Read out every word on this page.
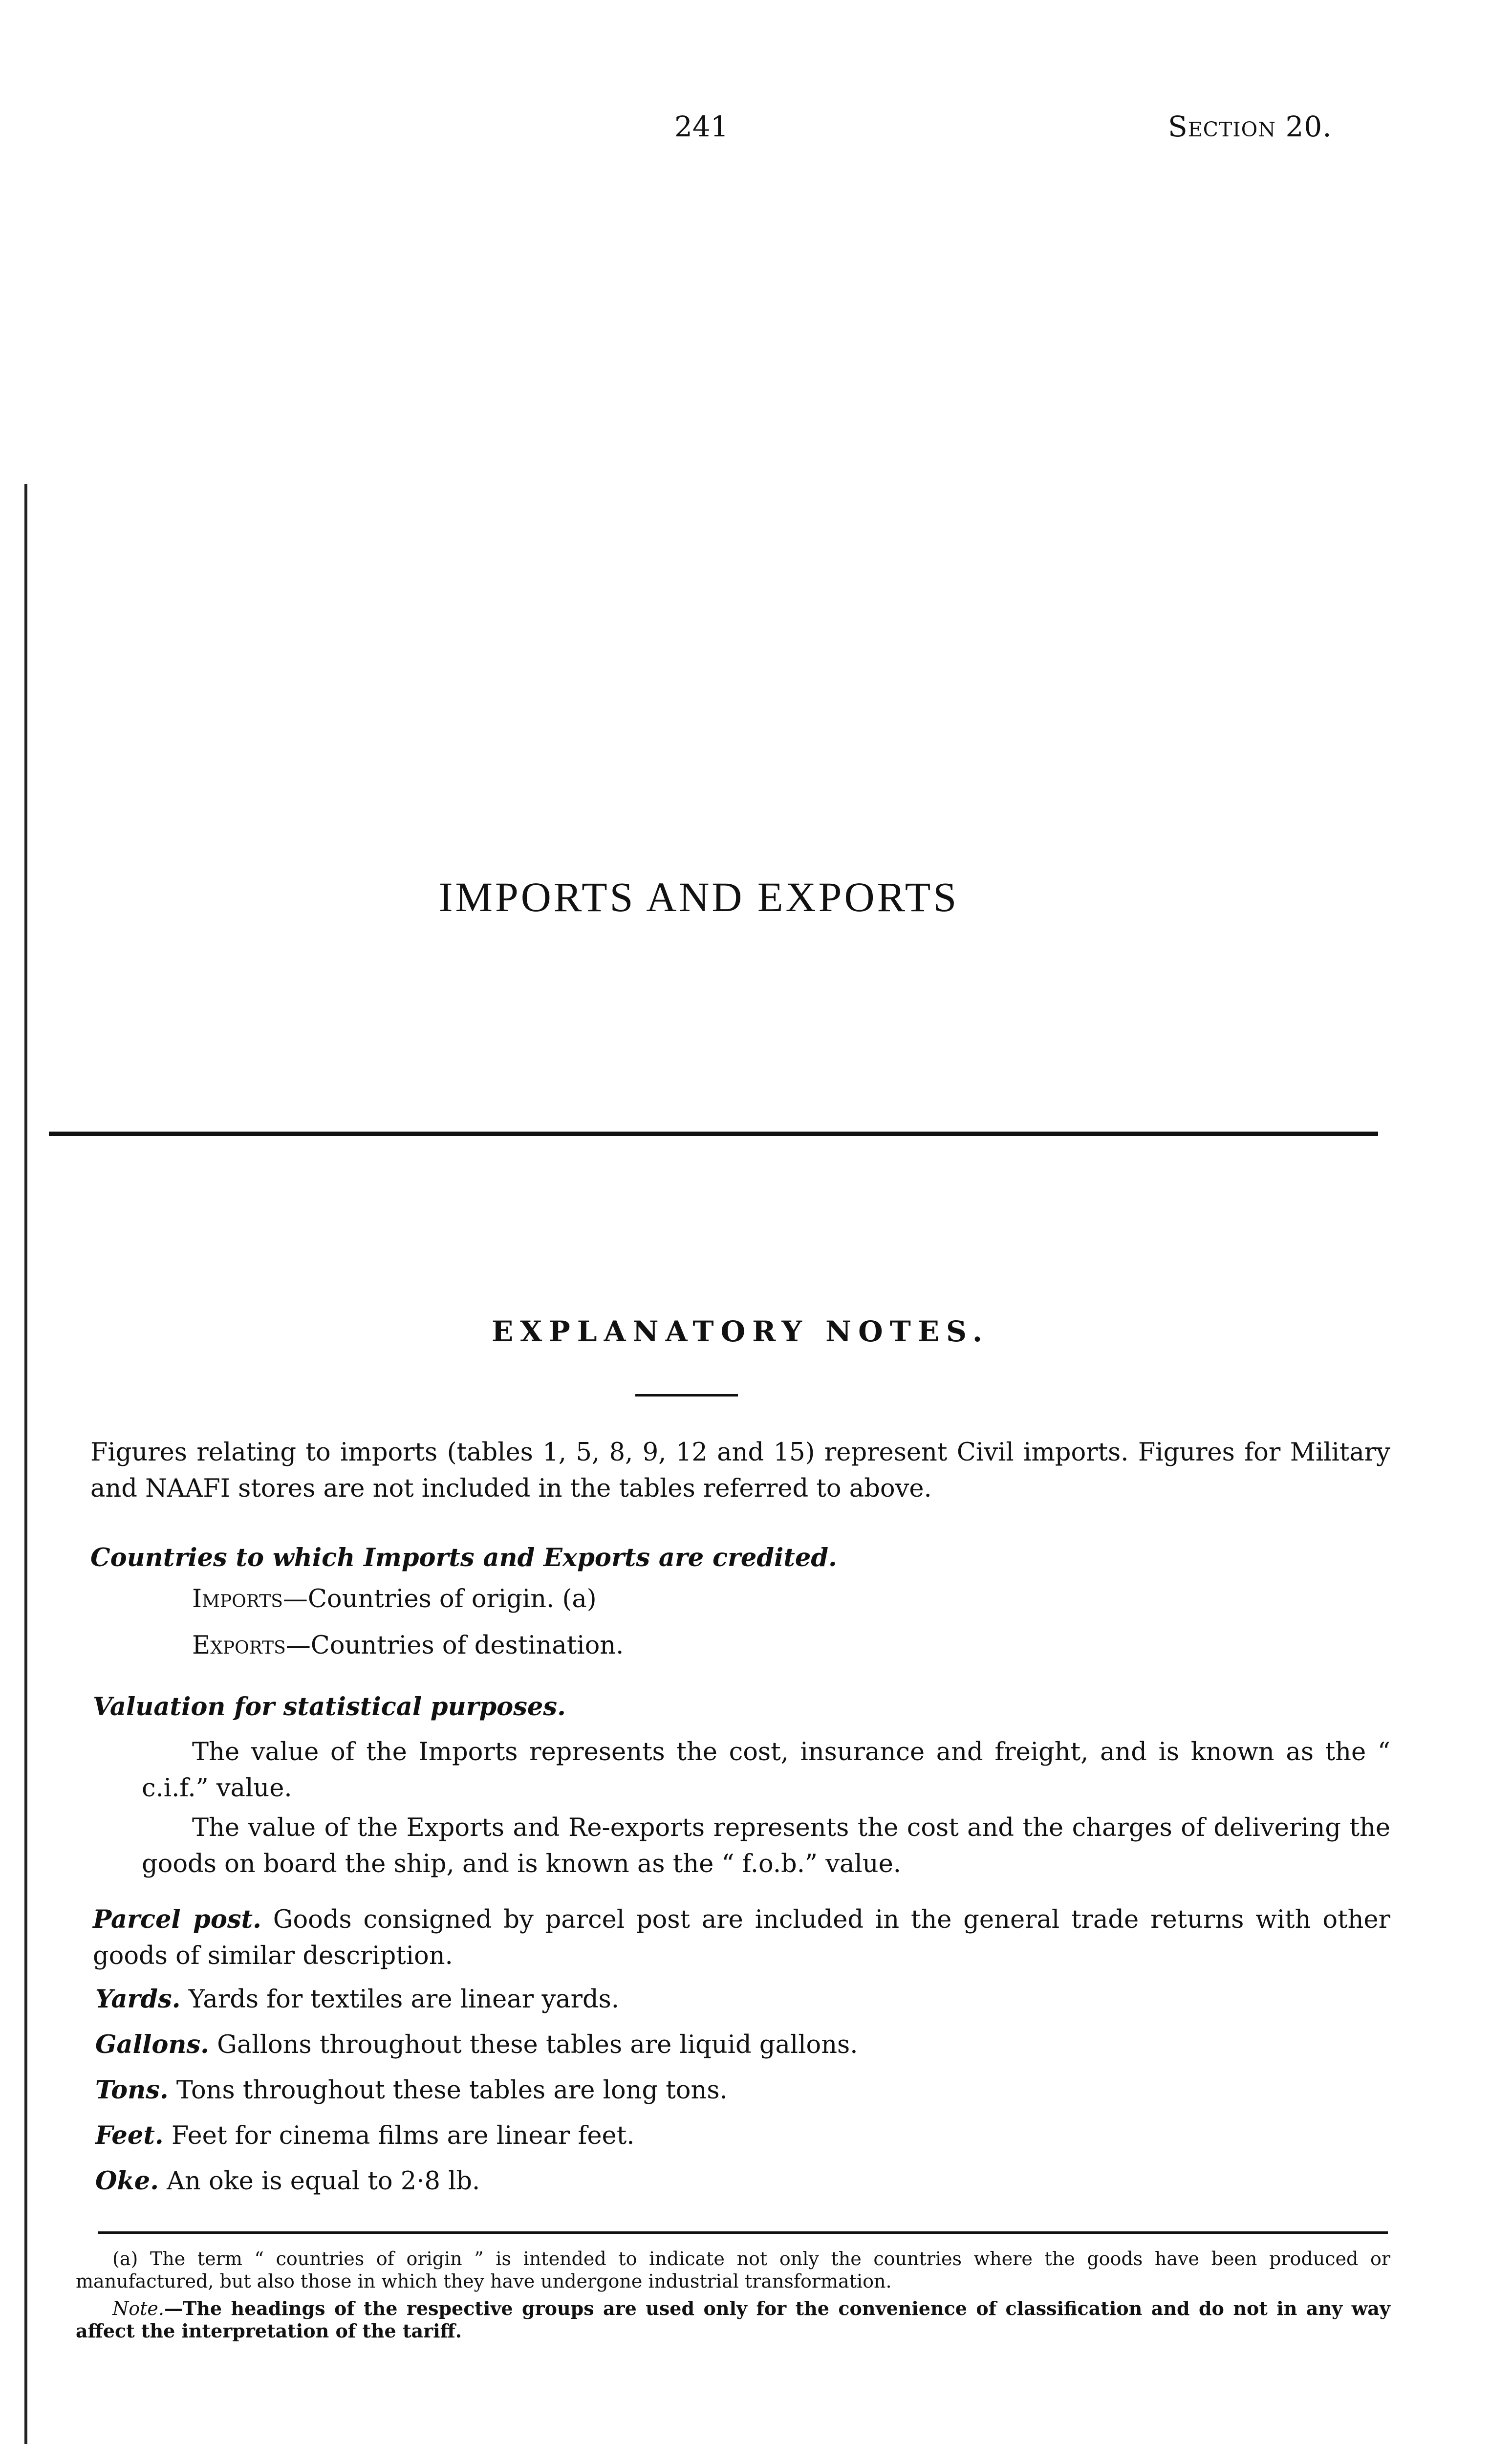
241	Section 20.
IMPORTS AND EXPORTS
EXPLANATORY NOTES.
Figures relating to imports (tables 1, 5, 8, 9, 12 and 15) represent Civil imports. Figures for Military and NAAFI stores are not included in the tables referred to above.
Countries to which Imports and Exports are credited.
Imports—Countries of origin. (a)
Exports—Countries of destination.
Valuation for statistical purposes.
The value of the Imports represents the cost, insurance and freight, and is known as the “ c.i.f.” value.
The value of the Exports and Re-exports represents the cost and the charges of delivering the goods on board the ship, and is known as the “ f.o.b.” value.
Parcel post. Goods consigned by parcel post are included in the general trade returns with other goods of similar description.
Yards. Yards for textiles are linear yards.
Gallons. Gallons throughout these tables are liquid gallons.
Tons. Tons throughout these tables are long tons.
Feet. Feet for cinema films are linear feet.
Oke. An oke is equal to 2·8 lb.
(a) The term “ countries of origin ” is intended to indicate not only the countries where the goods have been produced or manufactured, but also those in which they have undergone industrial transformation.
Note.—The headings of the respective groups are used only for the convenience of classification and do not in any way affect the interpretation of the tariff.
